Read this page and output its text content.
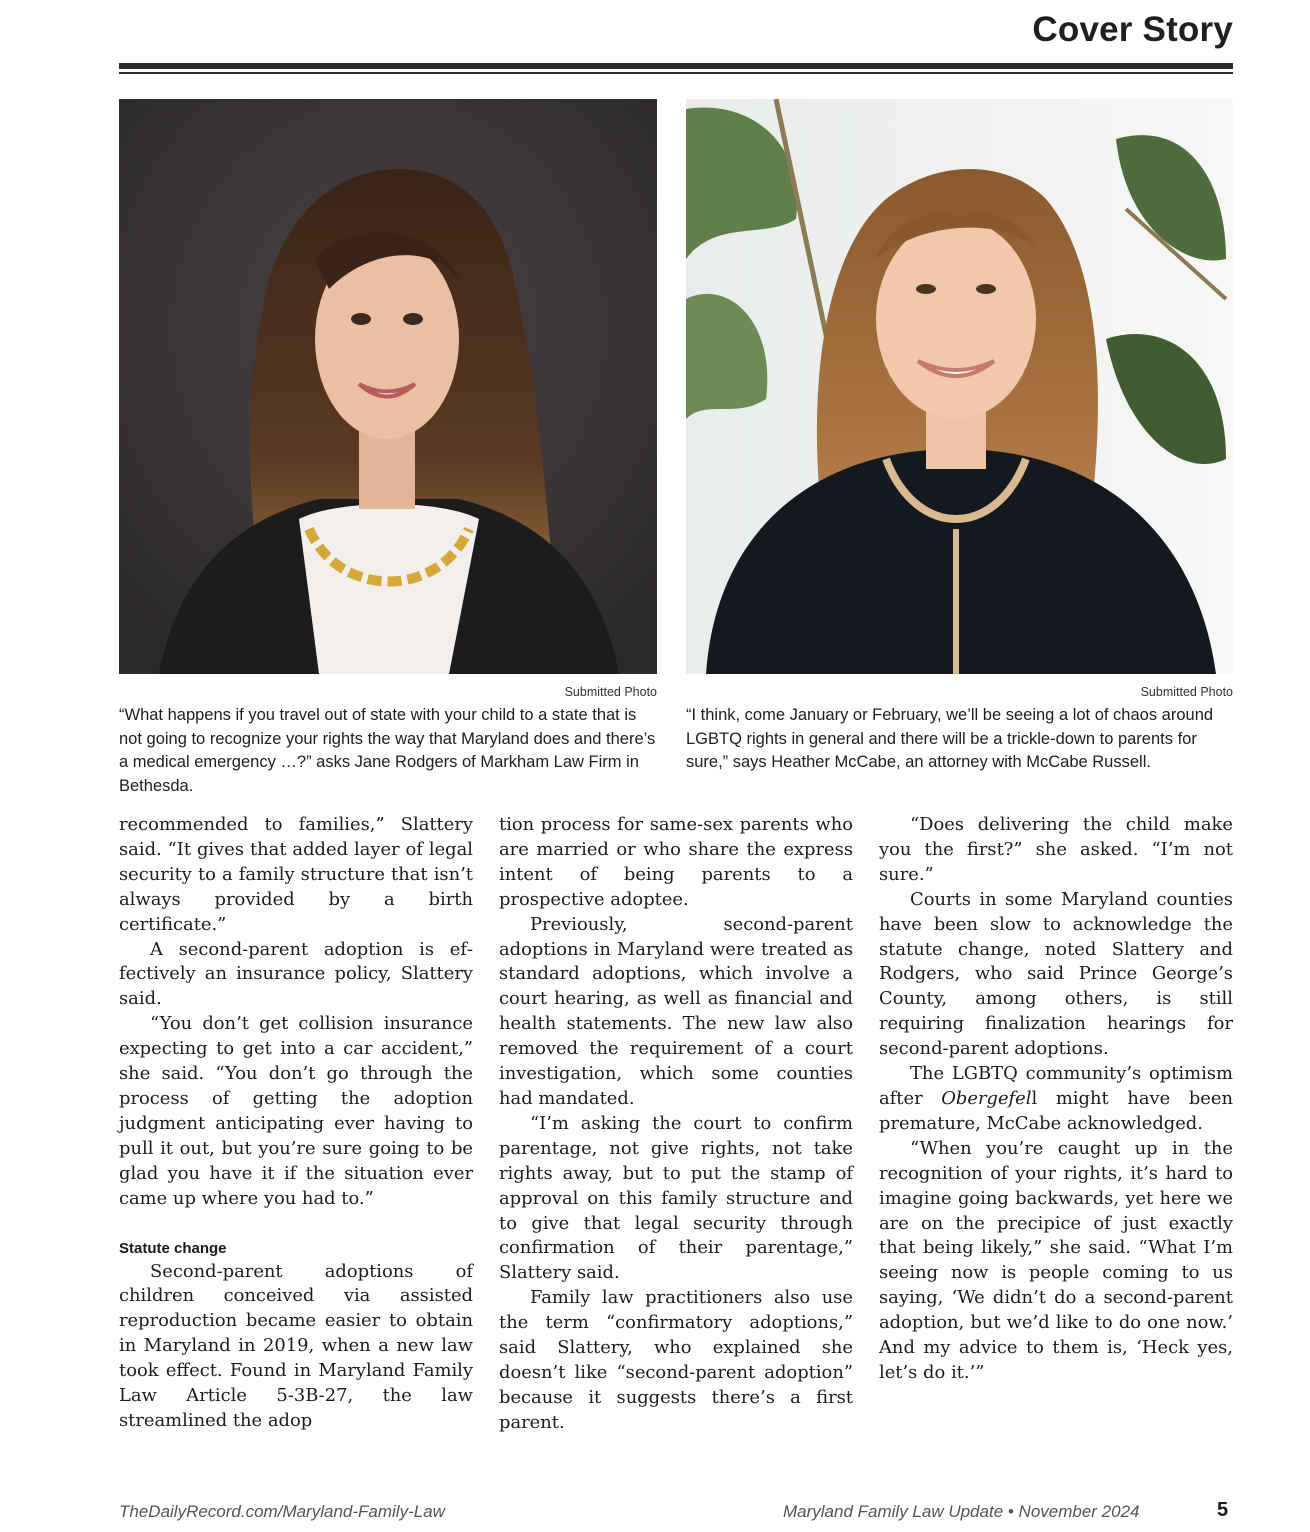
Cover Story
Submitted Photo	Submitted Photo

“What happens if you travel out of state with your child to a state that is not going to recognize your rights the way that Maryland does and there’s a medical emergency …?” asks Jane Rodgers of Markham Law Firm in Bethesda.

“I think, come January or February, we’ll be seeing a lot of chaos around LGBTQ rights in general and there will be a trickle-down to parents for sure,” says Heather McCabe, an attorney with McCabe Russell.

recommended to families,” Slattery said. “It gives that added layer of legal security to a family structure that isn’t always provided by a birth certificate.”

A second-parent adoption is effectively an insurance policy, Slattery said.

“You don’t get collision insurance expecting to get into a car accident,” she said. “You don’t go through the process of getting the adoption judgment anticipating ever having to pull it out, but you’re sure going to be glad you have it if the situation ever came up where you had to.”

Statute change

Second-parent adoptions of children conceived via assisted reproduction became easier to obtain in Maryland in 2019, when a new law took effect. Found in Maryland Family Law Article 5-3B-27, the law streamlined the adop

tion process for same-sex parents who are married or who share the express intent of being parents to a prospective adoptee.

Previously, second-parent adoptions in Maryland were treated as standard adoptions, which involve a court hearing, as well as financial and health statements. The new law also removed the requirement of a court investigation, which some counties had mandated.

“I’m asking the court to confirm parentage, not give rights, not take rights away, but to put the stamp of approval on this family structure and to give that legal security through confirmation of their parentage,” Slattery said.

Family law practitioners also use the term “confirmatory adoptions,” said Slattery, who explained she doesn’t like “second-parent adoption” because it suggests there’s a first parent.

“Does delivering the child make you the first?” she asked. “I’m not sure.”

Courts in some Maryland counties have been slow to acknowledge the statute change, noted Slattery and Rodgers, who said Prince George’s County, among others, is still requiring finalization hearings for second-parent adoptions.

The LGBTQ community’s optimism after Obergefell might have been premature, McCabe acknowledged.

“When you’re caught up in the recognition of your rights, it’s hard to imagine going backwards, yet here we are on the precipice of just exactly that being likely,” she said. “What I’m seeing now is people coming to us saying, ‘We didn’t do a second-parent adoption, but we’d like to do one now.’ And my advice to them is, ‘Heck yes, let’s do it.’”

TheDailyRecord.com/Maryland-Family-Law	Maryland Family Law Update • November 2024	5
